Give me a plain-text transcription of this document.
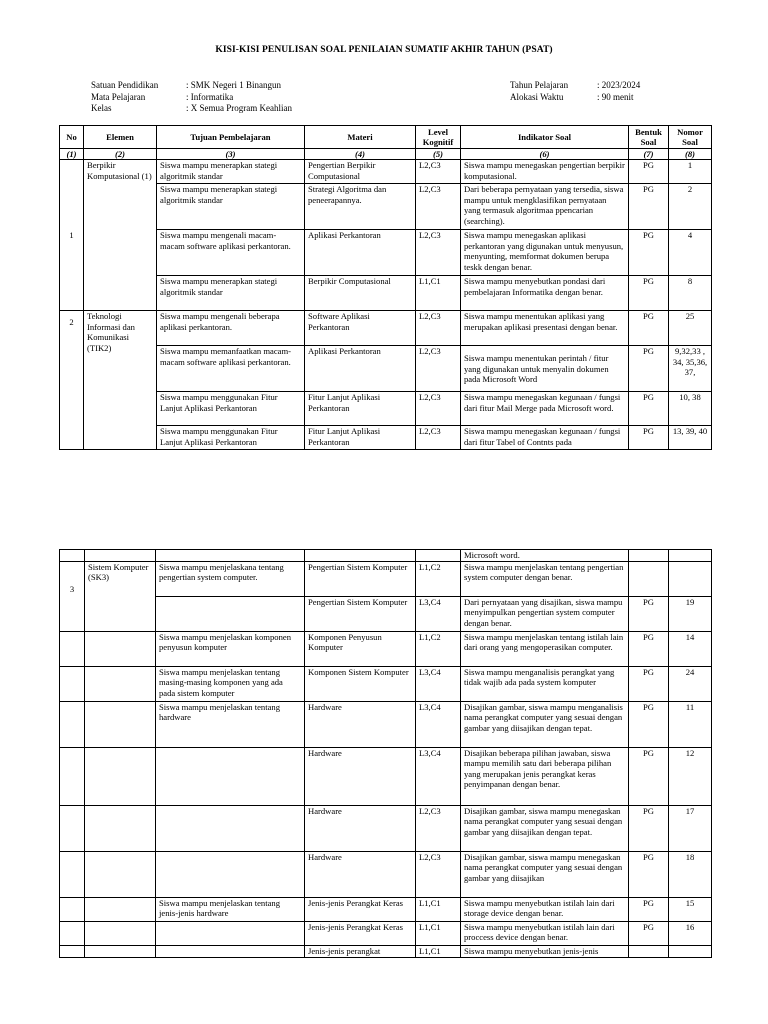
KISI-KISI PENULISAN SOAL PENILAIAN SUMATIF AKHIR TAHUN (PSAT)
Satuan Pendidikan	: SMK Negeri 1 Binangun
Mata Pelajaran	: Informatika
Kelas	: X Semua Program Keahlian
Tahun Pelajaran	: 2023/2024
Alokasi Waktu	: 90 menit
No	Elemen	Tujuan Pembelajaran	Materi	Level Kognitif	Indikator Soal	Bentuk Soal	Nomor Soal
(1)	(2)	(3)	(4)	(5)	(6)	(7)	(8)
1	Berpikir Komputasional (1)	Siswa mampu menerapkan stategi algoritmik standar	Pengertian Berpikir Computasional	L2,C3	Siswa mampu menegaskan pengertian berpikir komputasional.	PG	1
		Siswa mampu menerapkan stategi algoritmik standar	Strategi Algoritma dan peneerapannya.	L2,C3	Dari beberapa pernyataan yang tersedia, siswa mampu untuk mengklasifikan pernyataan yang termasuk algoritmaa ppencarian (searching).	PG	2
		Siswa mampu mengenali macam-macam software aplikasi perkantoran.	Aplikasi Perkantoran	L2,C3	Siswa mampu menegaskan aplikasi perkantoran yang digunakan untuk menyusun, menyunting, memformat dokumen berupa teskk dengan benar.	PG	4
		Siswa mampu menerapkan stategi algoritmik standar	Berpikir Computasional	L1,C1	Siswa mampu menyebutkan pondasi dari pembelajaran Informatika dengan benar.	PG	8
2	Teknologi Informasi dan Komunikasi (TIK2)	Siswa mampu mengenali beberapa aplikasi perkantoran.	Software Aplikasi Perkantoran	L2,C3	Siswa mampu menentukan aplikasi yang merupakan aplikasi presentasi dengan benar.	PG	25
		Siswa mampu memanfaatkan macam-macam software aplikasi perkantoran.	Aplikasi Perkantoran	L2,C3	Siswa mampu menentukan perintah / fitur yang digunakan untuk menyalin dokumen pada Microsoft Word	PG	9,32,33 , 34, 35,36, 37,
		Siswa mampu menggunakan Fitur Lanjut Aplikasi Perkantoran	Fitur Lanjut Aplikasi Perkantoran	L2,C3	Siswa mampu menegaskan kegunaan / fungsi dari fitur Mail Merge pada Microsoft word.	PG	10, 38
		Siswa mampu menggunakan Fitur Lanjut Aplikasi Perkantoran	Fitur Lanjut Aplikasi Perkantoran	L2,C3	Siswa mampu menegaskan kegunaan / fungsi dari fitur Tabel of Contnts pada	PG	13, 39, 40
					Microsoft word.		
3	Sistem Komputer (SK3)	Siswa mampu menjelaskana tentang pengertian system computer.	Pengertian Sistem Komputer	L1,C2	Siswa mampu menjelaskan tentang pengertian system computer dengan benar.		
			Pengertian Sistem Komputer	L3,C4	Dari pernyataan yang disajikan, siswa mampu menyimpulkan pengertian system computer dengan benar.	PG	19
		Siswa mampu menjelaskan komponen penyusun komputer	Komponen Penyusun Komputer	L1,C2	Siswa mampu menjelaskan tentang istilah lain dari orang yang mengoperasikan computer.	PG	14
		Siswa mampu menjelaskan tentang masing-masing komponen yang ada pada sistem komputer	Komponen Sistem Komputer	L3,C4	Siswa mampu menganalisis perangkat yang tidak wajib ada pada system komputer	PG	24
		Siswa mampu menjelaskan tentang hardware	Hardware	L3,C4	Disajikan gambar, siswa mampu menganalisis nama perangkat computer yang sesuai dengan gambar yang diisajikan dengan tepat.	PG	11
			Hardware	L3,C4	Disajikan beberapa pilihan jawaban, siswa mampu memilih satu dari beberapa pilihan yang merupakan jenis perangkat keras penyimpanan dengan benar.	PG	12
			Hardware	L2,C3	Disajikan gambar, siswa mampu menegaskan nama perangkat computer yang sesuai dengan gambar yang diisajikan dengan tepat.	PG	17
			Hardware	L2,C3	Disajikan gambar, siswa mampu menegaskan nama perangkat computer yang sesuai dengan gambar yang diisajikan	PG	18
		Siswa mampu menjelaskan tentang jenis-jenis hardware	Jenis-jenis Perangkat Keras	L1,C1	Siswa mampu menyebutkan istilah lain dari storage device dengan benar.	PG	15
			Jenis-jenis Perangkat Keras	L1,C1	Siswa mampu menyebutkan istilah lain dari proccess device dengan benar.	PG	16
			Jenis-jenis perangkat	L1,C1	Siswa mampu menyebutkan jenis-jenis		
